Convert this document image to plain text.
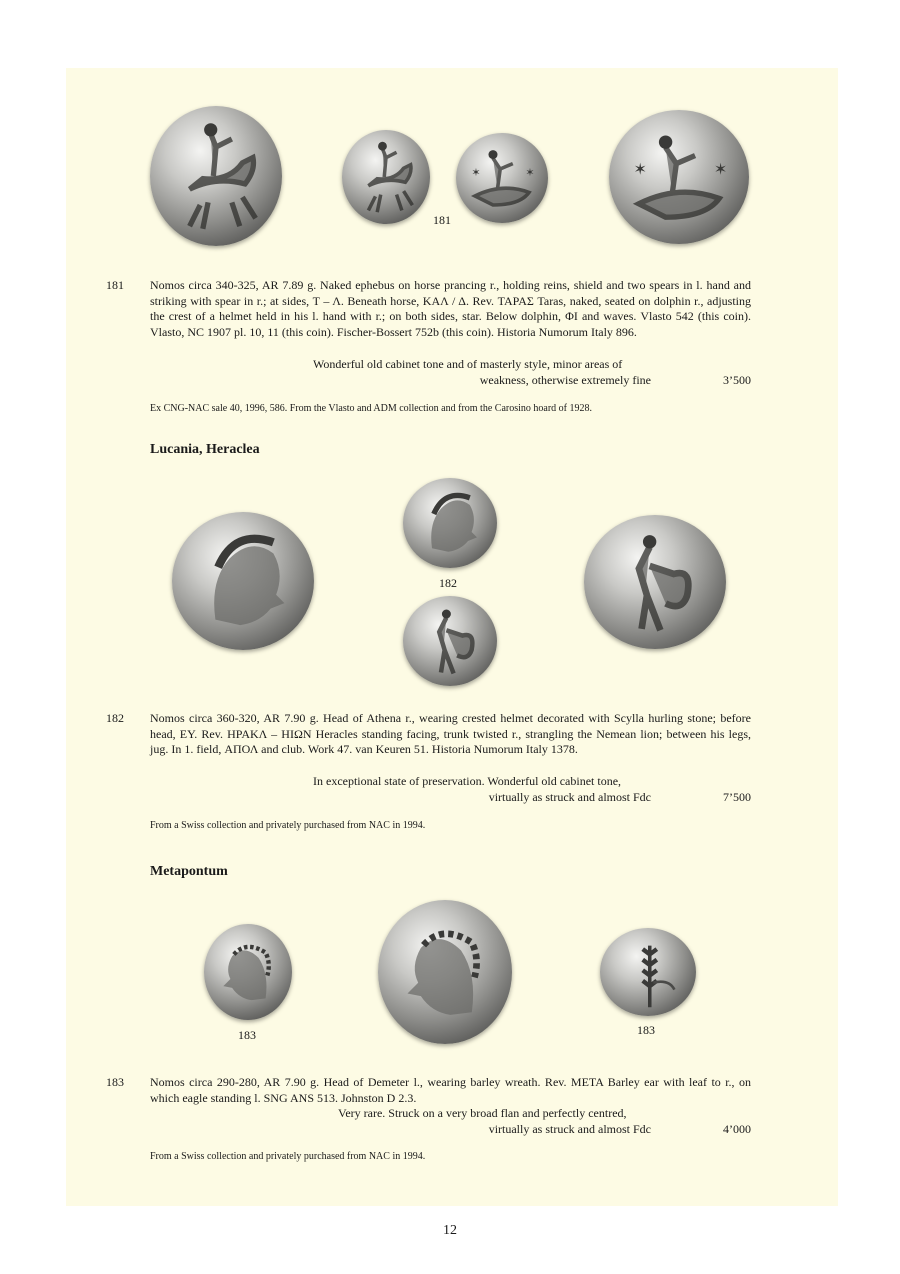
✶	✶	✶	✶
181
181 Nomos circa 340-325, AR 7.89 g. Naked ephebus on horse prancing r., holding reins, shield and two spears in l. hand and striking with spear in r.; at sides, Τ – Λ. Beneath horse, ΚΑΛ / Δ. Rev. ΤΑΡΑΣ Taras, naked, seated on dolphin r., adjusting the crest of a helmet held in his l. hand with r.; on both sides, star. Below dolphin, ΦΙ and waves. Vlasto 542 (this coin). Vlasto, NC 1907 pl. 10, 11 (this coin). Fischer-Bossert 752b (this coin). Historia Numorum Italy 896.

Wonderful old cabinet tone and of masterly style, minor areas of
weakness, otherwise extremely fine	3’500
Ex CNG-NAC sale 40, 1996, 586. From the Vlasto and ADM collection and from the Carosino hoard of 1928.
Lucania, Heraclea
182
182 Nomos circa 360-320, AR 7.90 g. Head of Athena r., wearing crested helmet decorated with Scylla hurling stone; before head, ΕΥ. Rev. ΗΡΑΚΛ – ΗΙΩΝ Heracles standing facing, trunk twisted r., strangling the Nemean lion; between his legs, jug. In 1. field, ΑΠΟΛ and club. Work 47. van Keuren 51. Historia Numorum Italy 1378.

In exceptional state of preservation. Wonderful old cabinet tone,
virtually as struck and almost Fdc	7’500
From a Swiss collection and privately purchased from NAC in 1994.
Metapontum
183	183
183 Nomos circa 290-280, AR 7.90 g. Head of Demeter l., wearing barley wreath. Rev. ΜΕΤΑ Barley ear with leaf to r., on which eagle standing l. SNG ANS 513. Johnston D 2.3.

Very rare. Struck on a very broad flan and perfectly centred,
virtually as struck and almost Fdc	4’000
From a Swiss collection and privately purchased from NAC in 1994.
12
